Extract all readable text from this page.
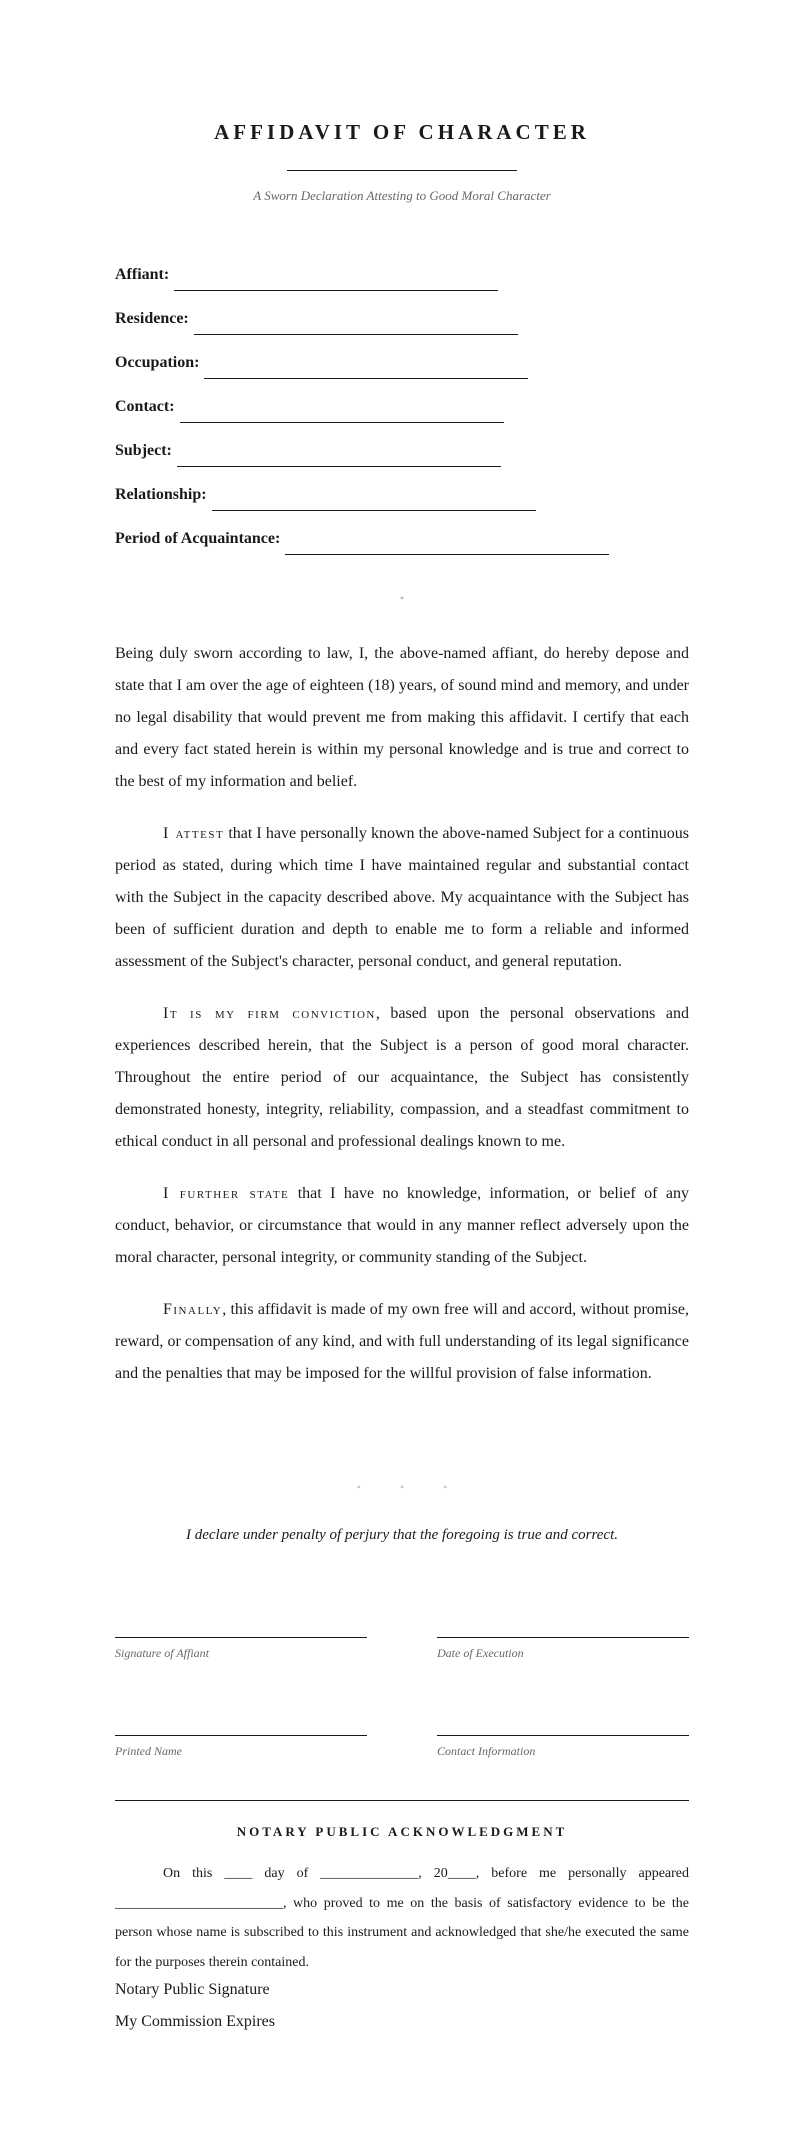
AFFIDAVIT OF CHARACTER
A Sworn Declaration Attesting to Good Moral Character
Affiant:
Residence:
Occupation:
Contact:
Subject:
Relationship:
Period of Acquaintance:
•

Being duly sworn according to law, I, the above-named affiant, do hereby depose and state that I am over the age of eighteen (18) years, of sound mind and memory, and under no legal disability that would prevent me from making this affidavit. I certify that each and every fact stated herein is within my personal knowledge and is true and correct to the best of my information and belief.

I attest that I have personally known the above-named Subject for a continuous period as stated, during which time I have maintained regular and substantial contact with the Subject in the capacity described above. My acquaintance with the Subject has been of sufficient duration and depth to enable me to form a reliable and informed assessment of the Subject's character, personal conduct, and general reputation.

It is my firm conviction, based upon the personal observations and experiences described herein, that the Subject is a person of good moral character. Throughout the entire period of our acquaintance, the Subject has consistently demonstrated honesty, integrity, reliability, compassion, and a steadfast commitment to ethical conduct in all personal and professional dealings known to me.

I further state that I have no knowledge, information, or belief of any conduct, behavior, or circumstance that would in any manner reflect adversely upon the moral character, personal integrity, or community standing of the Subject.

Finally, this affidavit is made of my own free will and accord, without promise, reward, or compensation of any kind, and with full understanding of its legal significance and the penalties that may be imposed for the willful provision of false information.

• • •
I declare under penalty of perjury that the foregoing is true and correct.
Signature of Affiant	Date of Execution
Printed Name	Contact Information
NOTARY PUBLIC ACKNOWLEDGMENT

On this ____ day of ______________, 20____, before me personally appeared ________________________, who proved to me on the basis of satisfactory evidence to be the person whose name is subscribed to this instrument and acknowledged that she/he executed the same for the purposes therein contained.

Notary Public Signature
My Commission Expires
